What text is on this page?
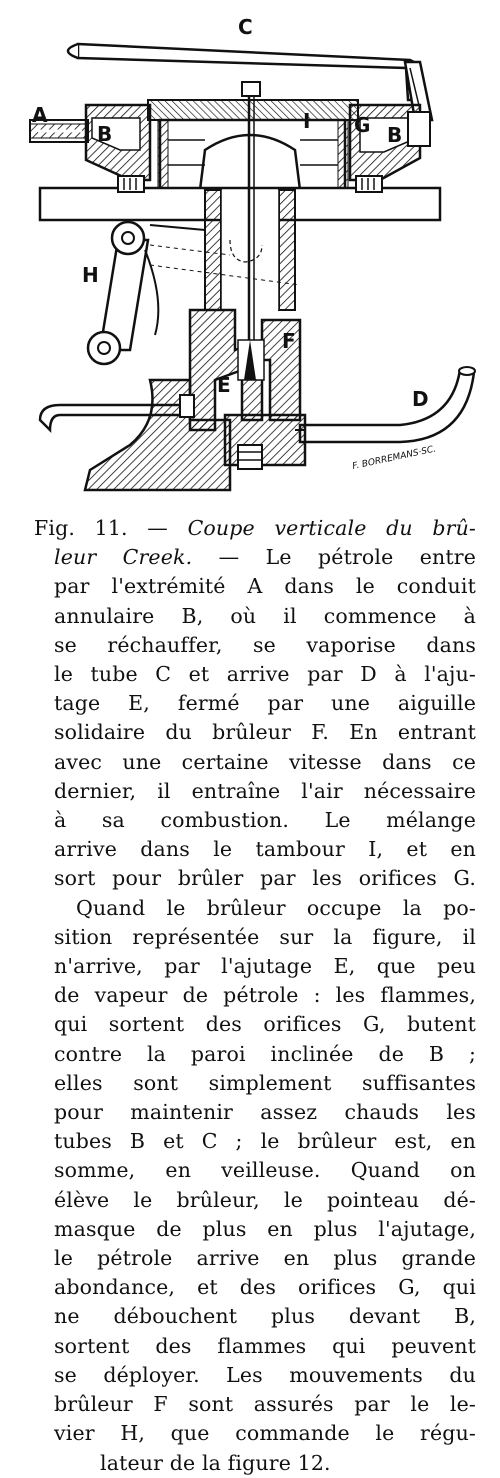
C
A
B
I G B
H
F
E
D
F. BORREMANS·SC.
Fig. 11. — Coupe verticale du brû-
leur Creek. — Le pétrole entre
par l'extrémité A dans le conduit
annulaire B, où il commence à
se réchauffer, se vaporise dans
le tube C et arrive par D à l'aju-
tage E, fermé par une aiguille
solidaire du brûleur F. En entrant
avec une certaine vitesse dans ce
dernier, il entraîne l'air nécessaire
à sa combustion. Le mélange
arrive dans le tambour I, et en
sort pour brûler par les orifices G.
Quand le brûleur occupe la po-
sition représentée sur la figure, il
n'arrive, par l'ajutage E, que peu
de vapeur de pétrole : les flammes,
qui sortent des orifices G, butent
contre la paroi inclinée de B ;
elles sont simplement suffisantes
pour maintenir assez chauds les
tubes B et C ; le brûleur est, en
somme, en veilleuse. Quand on
élève le brûleur, le pointeau dé-
masque de plus en plus l'ajutage,
le pétrole arrive en plus grande
abondance, et des orifices G, qui
ne débouchent plus devant B,
sortent des flammes qui peuvent
se déployer. Les mouvements du
brûleur F sont assurés par le le-
vier H, que commande le régu-
lateur de la figure 12.
